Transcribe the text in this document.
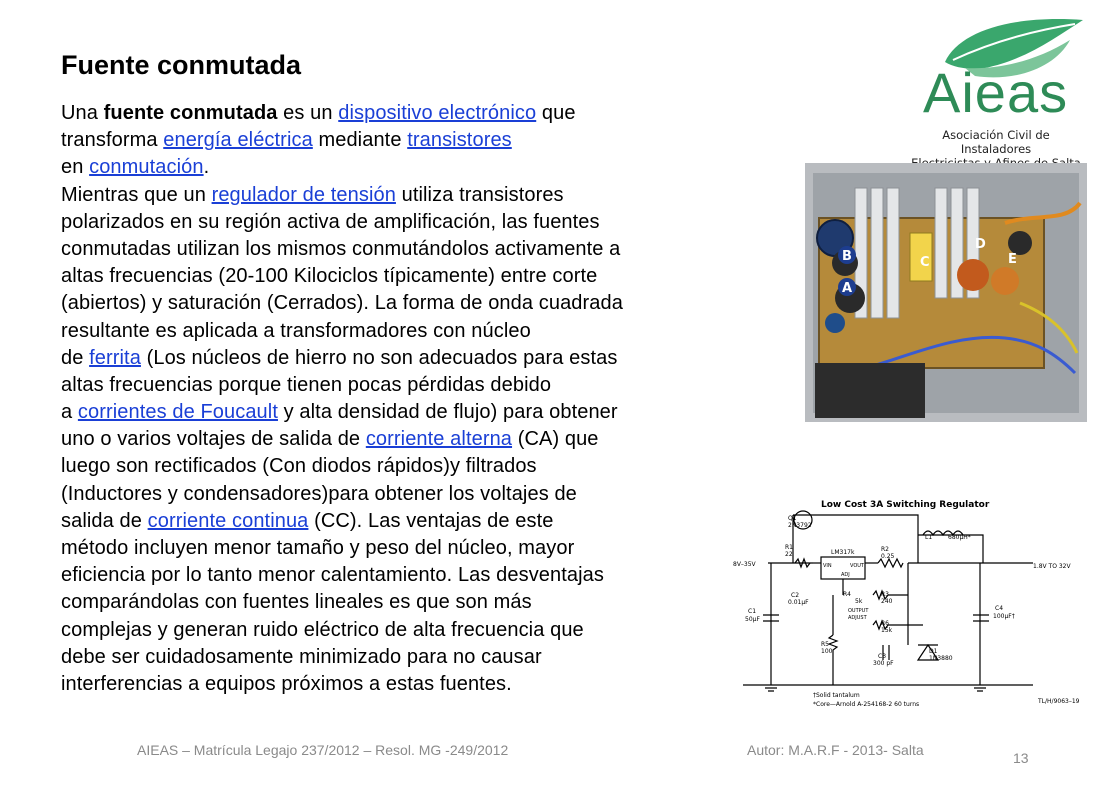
Fuente conmutada
Una fuente conmutada es un dispositivo electrónico que
transforma energía eléctrica mediante transistores
en conmutación.
Mientras que un regulador de tensión utiliza transistores
polarizados en su región activa de amplificación, las fuentes
conmutadas utilizan los mismos conmutándolos activamente a
altas frecuencias (20-100 Kilociclos típicamente) entre corte
(abiertos) y saturación (Cerrados). La forma de onda cuadrada
resultante es aplicada a transformadores con núcleo
de ferrita (Los núcleos de hierro no son adecuados para estas
altas frecuencias porque tienen pocas pérdidas debido
a corrientes de Foucault y alta densidad de flujo) para obtener
uno o varios voltajes de salida de corriente alterna (CA) que
luego son rectificados (Con diodos rápidos)y filtrados
(Inductores y condensadores)para obtener los voltajes de
salida de corriente continua (CC). Las ventajas de este
método incluyen menor tamaño y peso del núcleo, mayor
eficiencia por lo tanto menor calentamiento. Las desventajas
comparándolas con fuentes lineales es que son más
complejas y generan ruido eléctrico de alta frecuencia que
debe ser cuidadosamente minimizado para no causar
interferencias a equipos próximos a estas fuentes.
Aieas
Asociación Civil de Instaladores
A
B	C
D
E
Low Cost 3A Switching Regulator
Q1
2N3792
8V–35V	1.8V TO 32V
R1
22	LM317k
VIN	VOUT
ADJ
R2
0.25
R3
240
R4
5k
OUTPUT
ADJUST
R5
100
R6
15k
C1
50µF
C2
0.01µF
C3
300 pF
C4
100µF†
L1	680µH*
D1
1N3880
†Solid tantalum
*Core—Arnold A-254168-2 60 turns	TL/H/9063–19
AIEAS – Matrícula Legajo 237/2012 – Resol. MG -249/2012	Autor: M.A.R.F - 2013- Salta	13
